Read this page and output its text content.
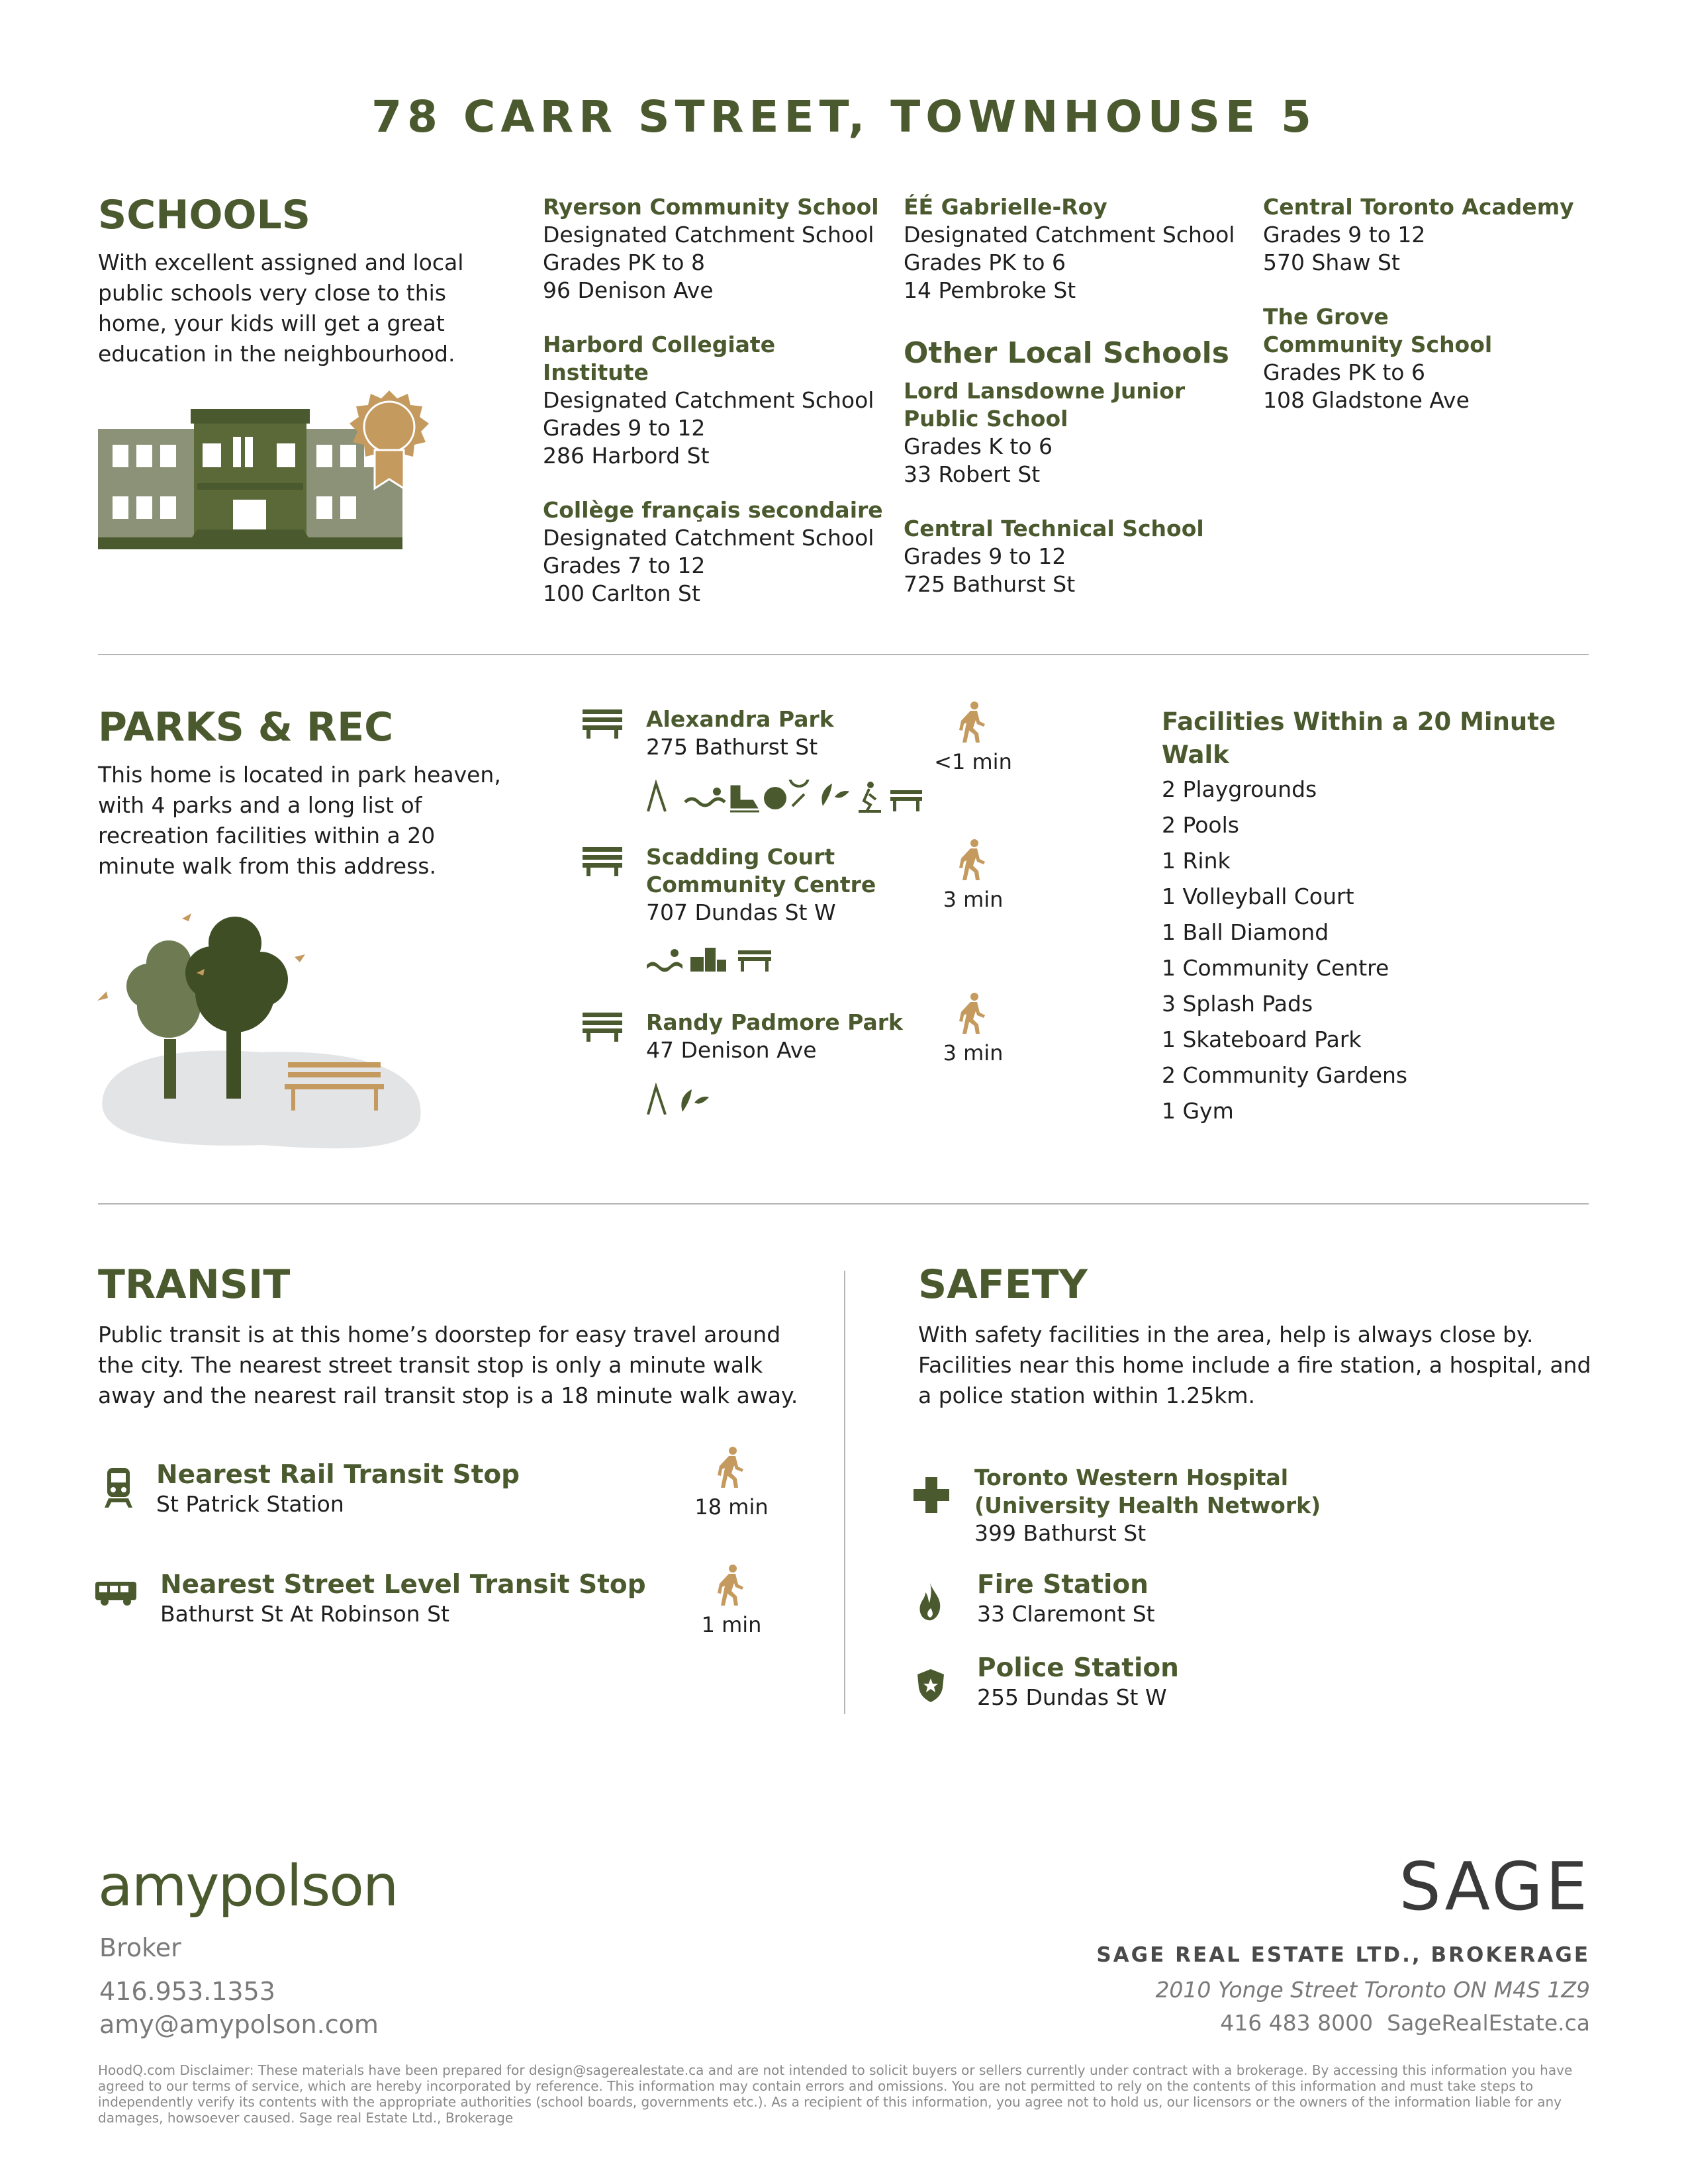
78 CARR STREET, TOWNHOUSE 5
SCHOOLS
With excellent assigned and local public schools very close to this home, your kids will get a great education in the neighbourhood.
Ryerson Community School
Designated Catchment School
Grades PK to 8
96 Denison Ave
Harbord Collegiate Institute
Designated Catchment School
Grades 9 to 12
286 Harbord St
Collège français secondaire
Designated Catchment School
Grades 7 to 12
100 Carlton St
ÉÉ Gabrielle-Roy
Designated Catchment School
Grades PK to 6
14 Pembroke St
Other Local Schools
Lord Lansdowne Junior
Public School
Grades K to 6
33 Robert St
Central Technical School
Grades 9 to 12
725 Bathurst St
Central Toronto Academy
Grades 9 to 12
570 Shaw St
The Grove
Community School
Grades PK to 6
108 Gladstone Ave
PARKS & REC
This home is located in park heaven, with 4 parks and a long list of recreation facilities within a 20 minute walk from this address.
Alexandra Park
275 Bathurst St
<1 min
Scadding Court
Community Centre
707 Dundas St W	3 min
Randy Padmore Park
47 Denison Ave	3 min
Facilities Within a 20 Minute Walk
2 Playgrounds
2 Pools
1 Rink
1 Volleyball Court
1 Ball Diamond
1 Community Centre
3 Splash Pads
1 Skateboard Park
2 Community Gardens
1 Gym
TRANSIT
Public transit is at this home’s doorstep for easy travel around the city. The nearest street transit stop is only a minute walk away and the nearest rail transit stop is a 18 minute walk away.
Nearest Rail Transit Stop
St Patrick Station	18 min
Nearest Street Level Transit Stop
Bathurst St At Robinson St	1 min
SAFETY
With safety facilities in the area, help is always close by. Facilities near this home include a fire station, a hospital, and a police station within 1.25km.
Toronto Western Hospital
(University Health Network)
399 Bathurst St
Fire Station
33 Claremont St
Police Station
255 Dundas St W
amypolson
Broker
416.953.1353
amy@amypolson.com
SAGE
SAGE REAL ESTATE LTD., BROKERAGE
2010 Yonge Street Toronto ON M4S 1Z9
416 483 8000 SageRealEstate.ca
HoodQ.com Disclaimer: These materials have been prepared for design@sagerealestate.ca and are not intended to solicit buyers or sellers currently under contract with a brokerage. By accessing this information you have agreed to our terms of service, which are hereby incorporated by reference. This information may contain errors and omissions. You are not permitted to rely on the contents of this information and must take steps to independently verify its contents with the appropriate authorities (school boards, governments etc.). As a recipient of this information, you agree not to hold us, our licensors or the owners of the information liable for any damages, howsoever caused. Sage real Estate Ltd., Brokerage
